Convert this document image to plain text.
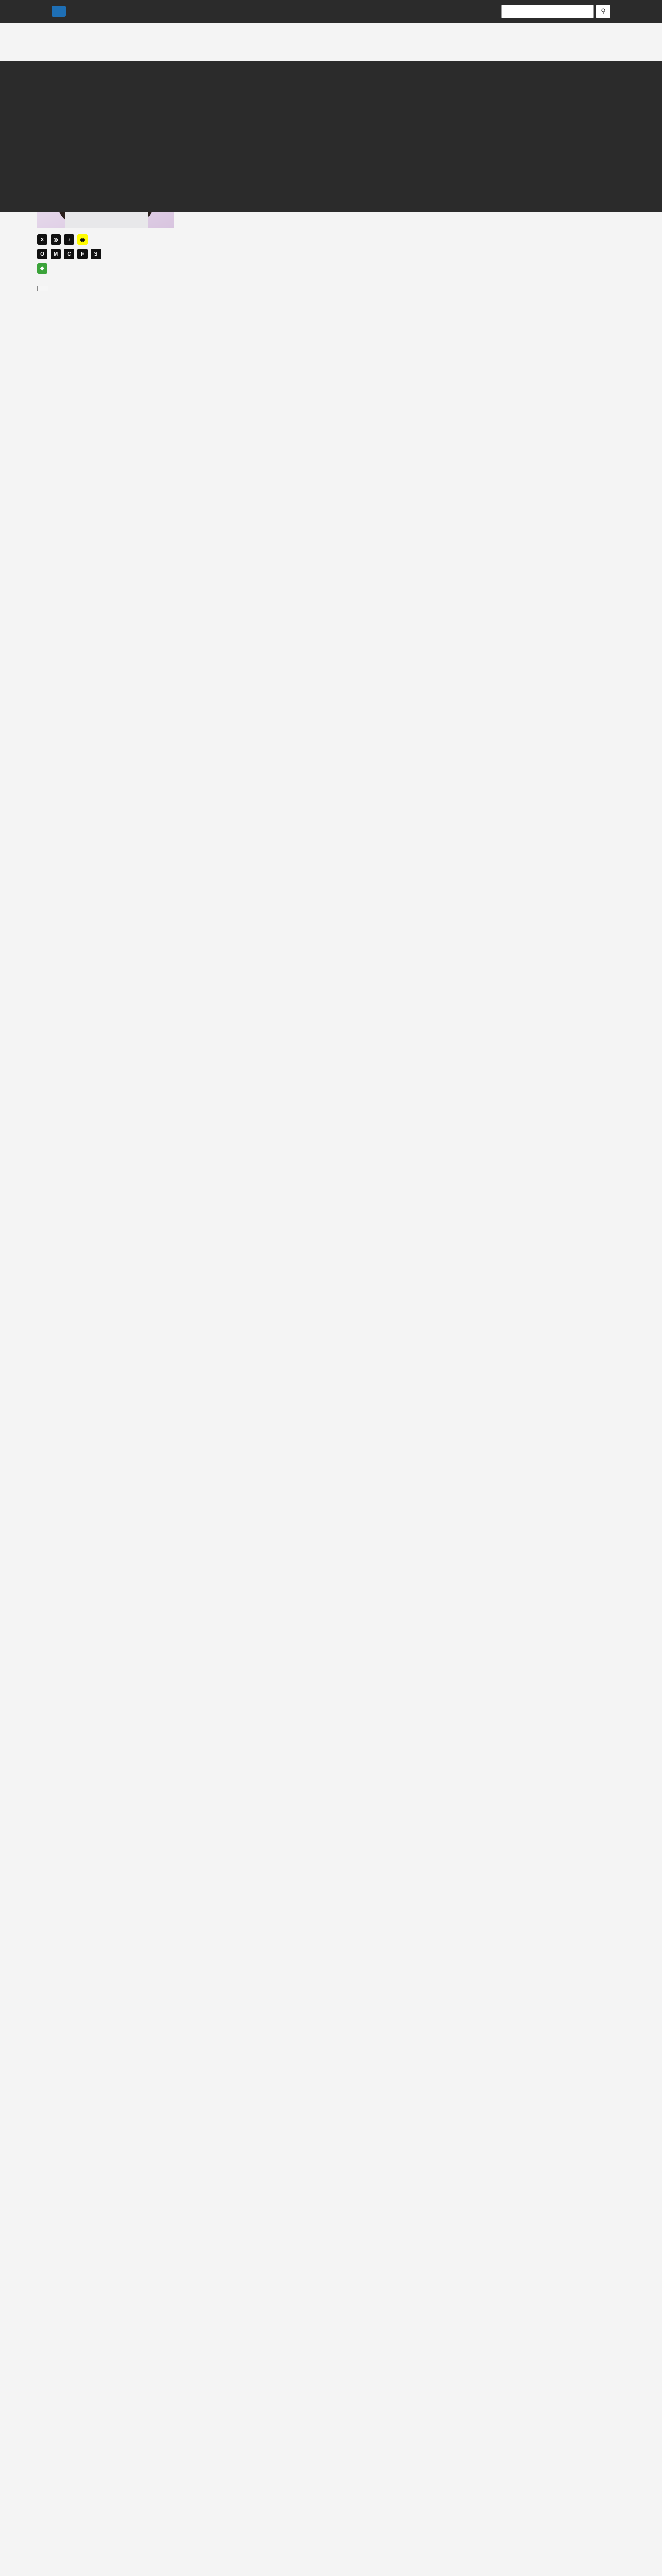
⚲
X	◎	♪	◉
O	M	C	F	S
◆
